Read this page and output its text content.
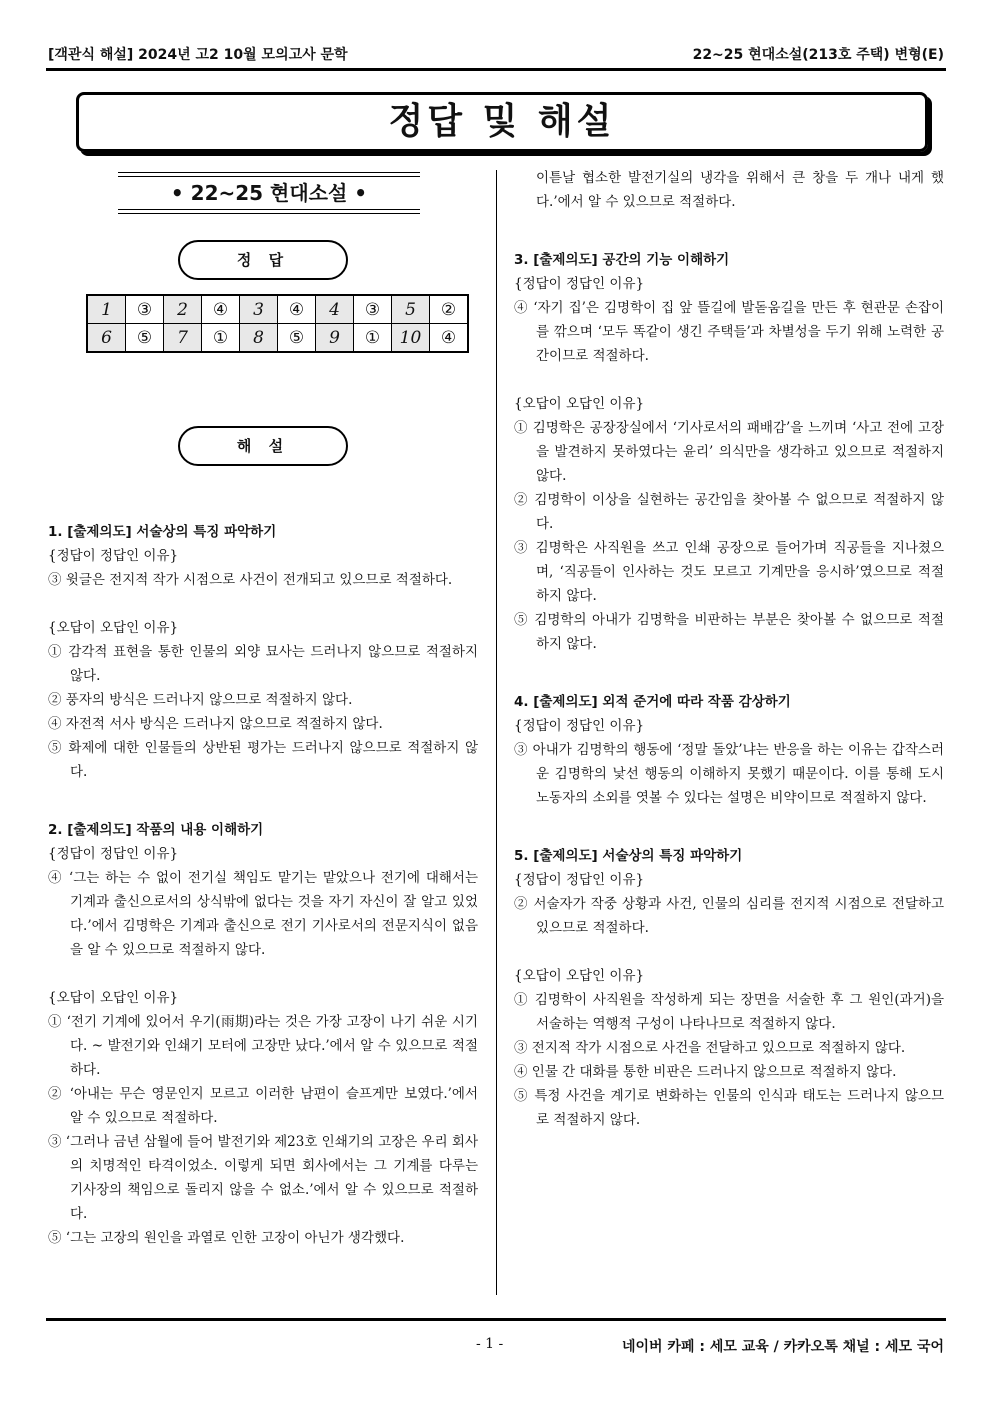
[객관식 해설] 2024년 고2 10월 모의고사 문학	22~25 현대소설(213호 주택) 변형(E)
정답 및 해설
• 22~25 현대소설 •
정 답
1	③	2	④	3	④	4	③	5	②
6	⑤	7	①	8	⑤	9	①	10	④
해 설

1. [출제의도] 서술상의 특징 파악하기

{정답이 정답인 이유}

③ 윗글은 전지적 작가 시점으로 사건이 전개되고 있으므로 적절하다.

{오답이 오답인 이유}

① 감각적 표현을 통한 인물의 외양 묘사는 드러나지 않으므로 적절하지 않다.

② 풍자의 방식은 드러나지 않으므로 적절하지 않다.

④ 자전적 서사 방식은 드러나지 않으므로 적절하지 않다.

⑤ 화제에 대한 인물들의 상반된 평가는 드러나지 않으므로 적절하지 않다.

2. [출제의도] 작품의 내용 이해하기

{정답이 정답인 이유}

④ ‘그는 하는 수 없이 전기실 책임도 맡기는 맡았으나 전기에 대해서는 기계과 출신으로서의 상식밖에 없다는 것을 자기 자신이 잘 알고 있었다.’에서 김명학은 기계과 출신으로 전기 기사로서의 전문지식이 없음을 알 수 있으므로 적절하지 않다.

{오답이 오답인 이유}

① ‘전기 기계에 있어서 우기(雨期)라는 것은 가장 고장이 나기 쉬운 시기다. ~ 발전기와 인쇄기 모터에 고장만 났다.’에서 알 수 있으므로 적절하다.

② ‘아내는 무슨 영문인지 모르고 이러한 남편이 슬프게만 보였다.’에서 알 수 있으므로 적절하다.

③ ‘그러나 금년 삼월에 들어 발전기와 제23호 인쇄기의 고장은 우리 회사의 치명적인 타격이었소. 이렇게 되면 회사에서는 그 기계를 다루는 기사장의 책임으로 돌리지 않을 수 없소.’에서 알 수 있으므로 적절하다.

⑤ ‘그는 고장의 원인을 과열로 인한 고장이 아닌가 생각했다.

이튿날 협소한 발전기실의 냉각을 위해서 큰 창을 두 개나 내게 했다.’에서 알 수 있으므로 적절하다.

3. [출제의도] 공간의 기능 이해하기

{정답이 정답인 이유}

④ ‘자기 집’은 김명학이 집 앞 뜰길에 발돋움길을 만든 후 현관문 손잡이를 깎으며 ‘모두 똑같이 생긴 주택들’과 차별성을 두기 위해 노력한 공간이므로 적절하다.

{오답이 오답인 이유}

① 김명학은 공장장실에서 ‘기사로서의 패배감’을 느끼며 ‘사고 전에 고장을 발견하지 못하였다는 윤리’ 의식만을 생각하고 있으므로 적절하지 않다.

② 김명학이 이상을 실현하는 공간임을 찾아볼 수 없으므로 적절하지 않다.

③ 김명학은 사직원을 쓰고 인쇄 공장으로 들어가며 직공들을 지나쳤으며, ‘직공들이 인사하는 것도 모르고 기계만을 응시하’였으므로 적절하지 않다.

⑤ 김명학의 아내가 김명학을 비판하는 부분은 찾아볼 수 없으므로 적절하지 않다.

4. [출제의도] 외적 준거에 따라 작품 감상하기

{정답이 정답인 이유}

③ 아내가 김명학의 행동에 ‘정말 돌았’냐는 반응을 하는 이유는 갑작스러운 김명학의 낯선 행동의 이해하지 못했기 때문이다. 이를 통해 도시 노동자의 소외를 엿볼 수 있다는 설명은 비약이므로 적절하지 않다.

5. [출제의도] 서술상의 특징 파악하기

{정답이 정답인 이유}

② 서술자가 작중 상황과 사건, 인물의 심리를 전지적 시점으로 전달하고 있으므로 적절하다.

{오답이 오답인 이유}

① 김명학이 사직원을 작성하게 되는 장면을 서술한 후 그 원인(과거)을 서술하는 역행적 구성이 나타나므로 적절하지 않다.

③ 전지적 작가 시점으로 사건을 전달하고 있으므로 적절하지 않다.

④ 인물 간 대화를 통한 비판은 드러나지 않으므로 적절하지 않다.

⑤ 특정 사건을 계기로 변화하는 인물의 인식과 태도는 드러나지 않으므로 적절하지 않다.

- 1 -	네이버 카페 : 세모 교육 / 카카오톡 채널 : 세모 국어
